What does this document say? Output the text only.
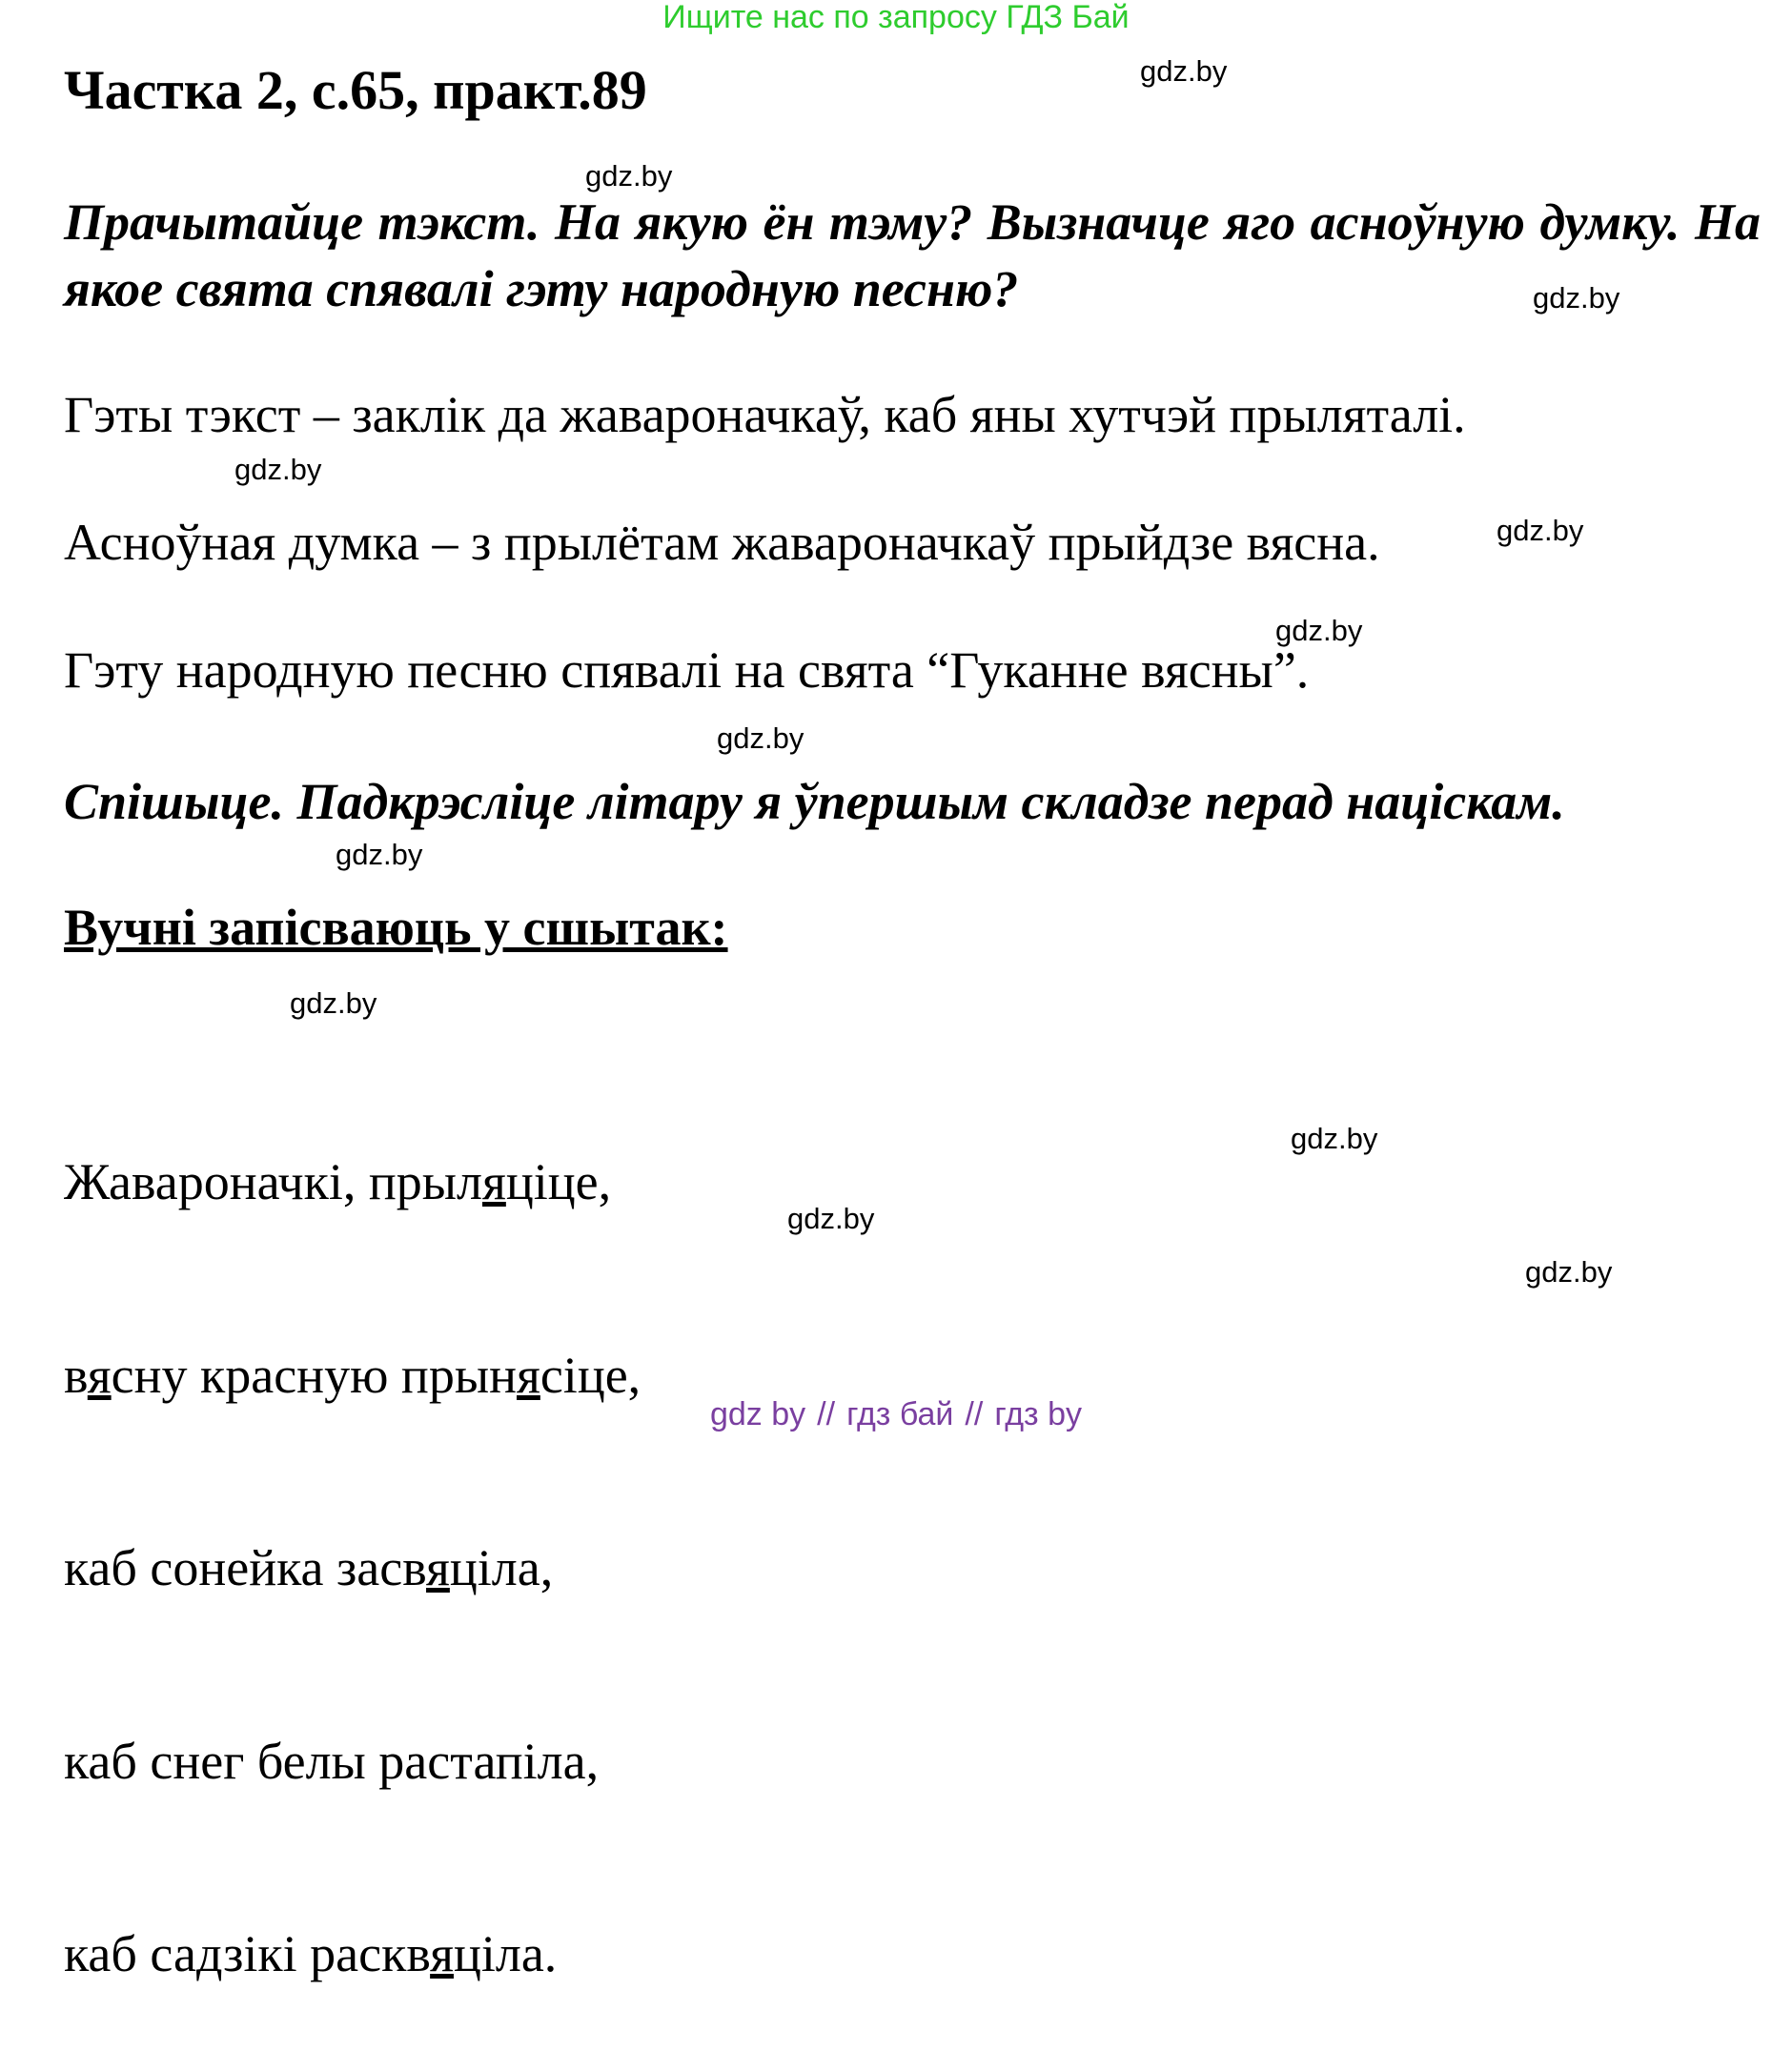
Ищите нас по запросу ГДЗ Бай
Частка 2, с.65, практ.89
Прачытайце тэкст. На якую ён тэму? Вызначце яго асноўную думку. На якое свята спявалі гэту народную песню?
Гэты тэкст – заклік да жавароначкаў, каб яны хутчэй прыляталі.
Асноўная думка – з прылётам жавароначкаў прыйдзе вясна.
Гэту народную песню спявалі на свята “Гуканне вясны”.
Спішыце. Падкрэсліце літару я ўпершым складзе перад націскам.
Вучні запісваюць у сшытак:

Жавароначкі, прыляціце,

вясну красную прынясіце,

каб сонейка засвяціла,

каб снег белы растапіла,

каб садзікі расквяціла.

gdz.by
gdz.by
gdz.by
gdz.by
gdz.by
gdz.by
gdz.by
gdz.by
gdz.by
gdz.by
gdz.by
gdz.by
gdz by // гдз бай // гдз by
